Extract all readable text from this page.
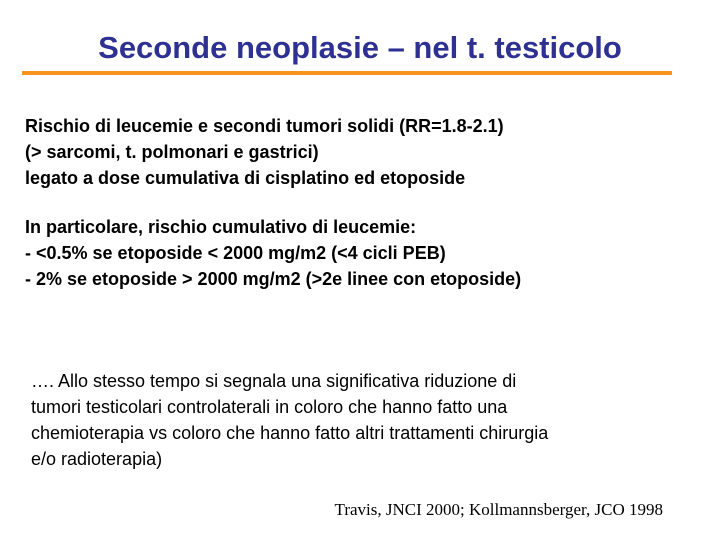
Seconde neoplasie – nel t. testicolo

Rischio di leucemie e secondi tumori solidi (RR=1.8-2.1)

(> sarcomi, t. polmonari e gastrici)

legato a dose cumulativa di cisplatino ed etoposide

In particolare, rischio cumulativo di leucemie:

- <0.5% se etoposide < 2000 mg/m2 (<4 cicli PEB)

- 2% se etoposide > 2000 mg/m2 (>2e linee con etoposide)

…. Allo stesso tempo si segnala una significativa riduzione di

tumori testicolari controlaterali in coloro che hanno fatto una

chemioterapia vs coloro che hanno fatto altri trattamenti chirurgia

e/o radioterapia)

Travis, JNCI 2000; Kollmannsberger, JCO 1998
